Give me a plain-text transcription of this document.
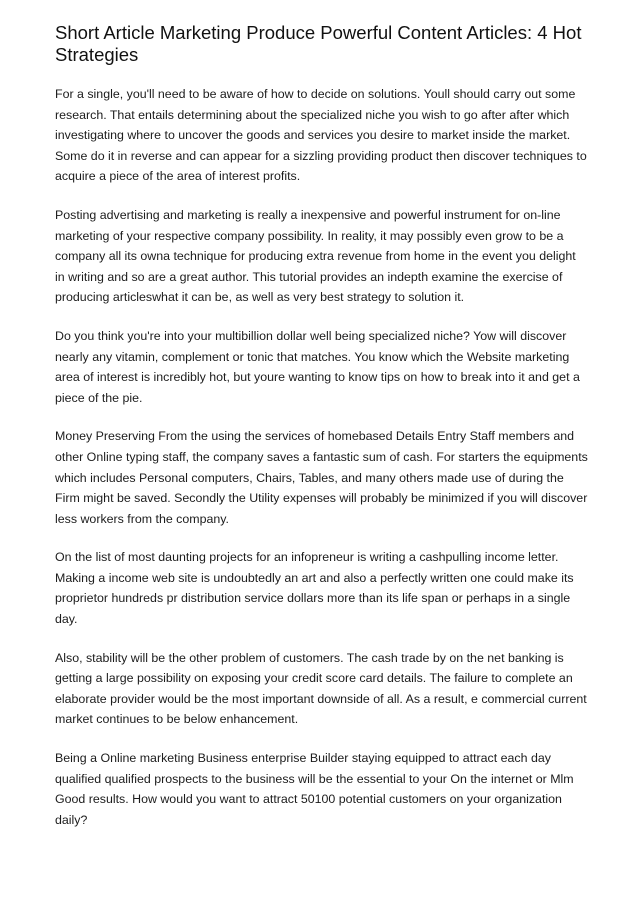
Short Article Marketing Produce Powerful Content Articles: 4 Hot Strategies

For a single, you'll need to be aware of how to decide on solutions. Youll should carry out some research. That entails determining about the specialized niche you wish to go after after which investigating where to uncover the goods and services you desire to market inside the market. Some do it in reverse and can appear for a sizzling providing product then discover techniques to acquire a piece of the area of interest profits.

Posting advertising and marketing is really a inexpensive and powerful instrument for on-line marketing of your respective company possibility. In reality, it may possibly even grow to be a company all its owna technique for producing extra revenue from home in the event you delight in writing and so are a great author. This tutorial provides an indepth examine the exercise of producing articleswhat it can be, as well as very best strategy to solution it.

Do you think you're into your multibillion dollar well being specialized niche? Yow will discover nearly any vitamin, complement or tonic that matches. You know which the Website marketing area of interest is incredibly hot, but youre wanting to know tips on how to break into it and get a piece of the pie.

Money Preserving From the using the services of homebased Details Entry Staff members and other Online typing staff, the company saves a fantastic sum of cash. For starters the equipments which includes Personal computers, Chairs, Tables, and many others made use of during the Firm might be saved. Secondly the Utility expenses will probably be minimized if you will discover less workers from the company.

On the list of most daunting projects for an infopreneur is writing a cashpulling income letter. Making a income web site is undoubtedly an art and also a perfectly written one could make its proprietor hundreds pr distribution service dollars more than its life span or perhaps in a single day.

Also, stability will be the other problem of customers. The cash trade by on the net banking is getting a large possibility on exposing your credit score card details. The failure to complete an elaborate provider would be the most important downside of all. As a result, e commercial current market continues to be below enhancement.

Being a Online marketing Business enterprise Builder staying equipped to attract each day qualified qualified prospects to the business will be the essential to your On the internet or Mlm Good results. How would you want to attract 50100 potential customers on your organization daily?
